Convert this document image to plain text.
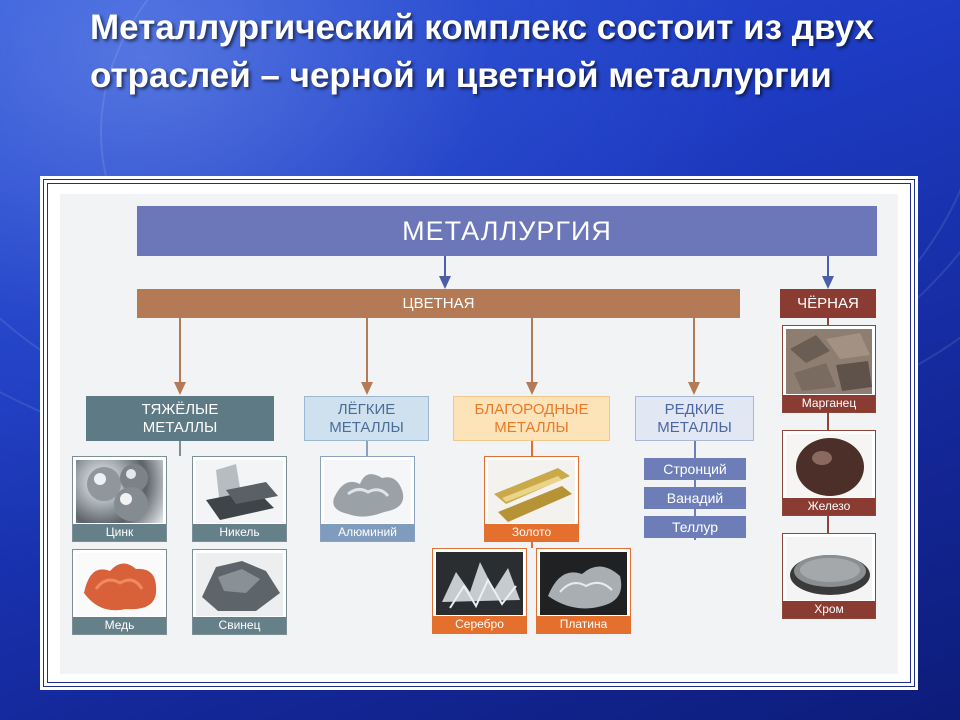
Металлургический комплекс состоит из двух отраслей – черной и цветной металлургии
МЕТАЛЛУРГИЯ
ЦВЕТНАЯ	ЧЁРНАЯ
ТЯЖЁЛЫЕ
МЕТАЛЛЫ
ЛЁГКИЕ
МЕТАЛЛЫ
БЛАГОРОДНЫЕ
МЕТАЛЛЫ
РЕДКИЕ
МЕТАЛЛЫ
Стронций
Ванадий
Теллур
Цинк	Никель
Медь	Свинец
Алюминий	Золото
Серебро	Платина
Марганец
Железо
Хром
